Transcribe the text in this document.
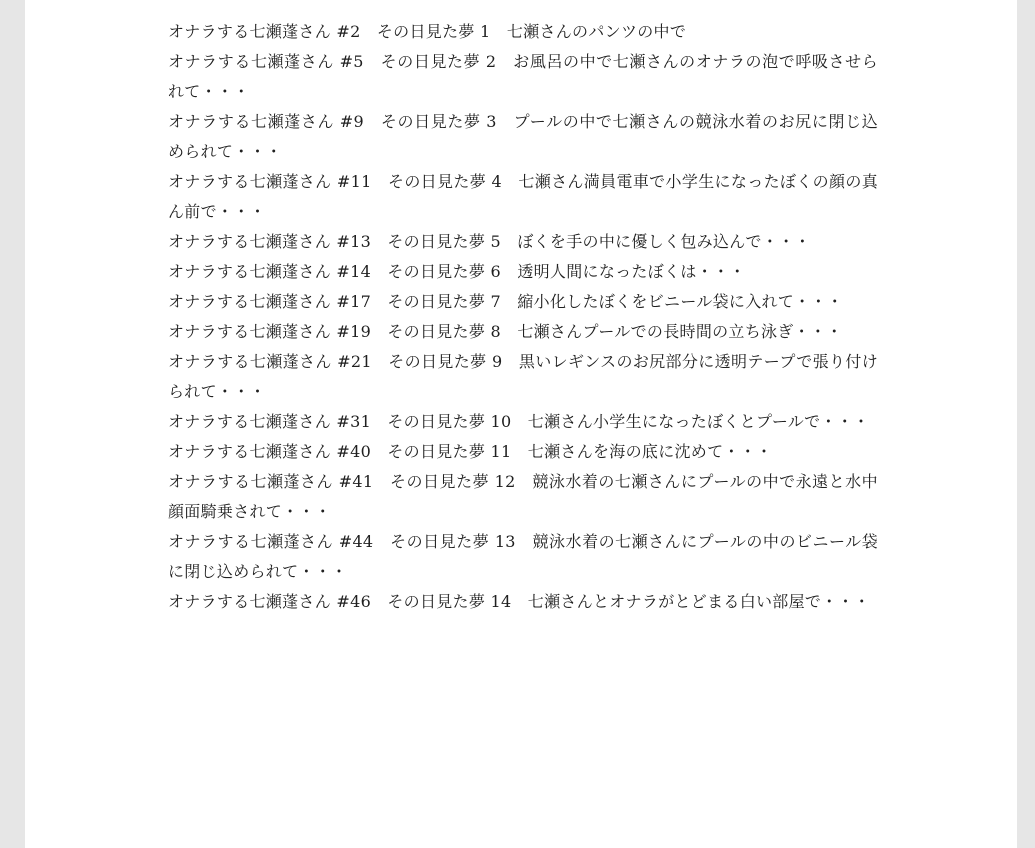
オナラする七瀬蓬さん #2　その日見た夢 1　七瀬さんのパンツの中で

オナラする七瀬蓬さん #5　その日見た夢 2　お風呂の中で七瀬さんのオナラの泡で呼吸させられて・・・

オナラする七瀬蓬さん #9　その日見た夢 3　プールの中で七瀬さんの競泳水着のお尻に閉じ込められて・・・

オナラする七瀬蓬さん #11　その日見た夢 4　七瀬さん満員電車で小学生になったぼくの顔の真ん前で・・・

オナラする七瀬蓬さん #13　その日見た夢 5　ぼくを手の中に優しく包み込んで・・・

オナラする七瀬蓬さん #14　その日見た夢 6　透明人間になったぼくは・・・

オナラする七瀬蓬さん #17　その日見た夢 7　縮小化したぼくをビニール袋に入れて・・・

オナラする七瀬蓬さん #19　その日見た夢 8　七瀬さんプールでの長時間の立ち泳ぎ・・・

オナラする七瀬蓬さん #21　その日見た夢 9　黒いレギンスのお尻部分に透明テープで張り付けられて・・・

オナラする七瀬蓬さん #31　その日見た夢 10　七瀬さん小学生になったぼくとプールで・・・

オナラする七瀬蓬さん #40　その日見た夢 11　七瀬さんを海の底に沈めて・・・

オナラする七瀬蓬さん #41　その日見た夢 12　競泳水着の七瀬さんにプールの中で永遠と水中顔面騎乗されて・・・

オナラする七瀬蓬さん #44　その日見た夢 13　競泳水着の七瀬さんにプールの中のビニール袋に閉じ込められて・・・

オナラする七瀬蓬さん #46　その日見た夢 14　七瀬さんとオナラがとどまる白い部屋で・・・
